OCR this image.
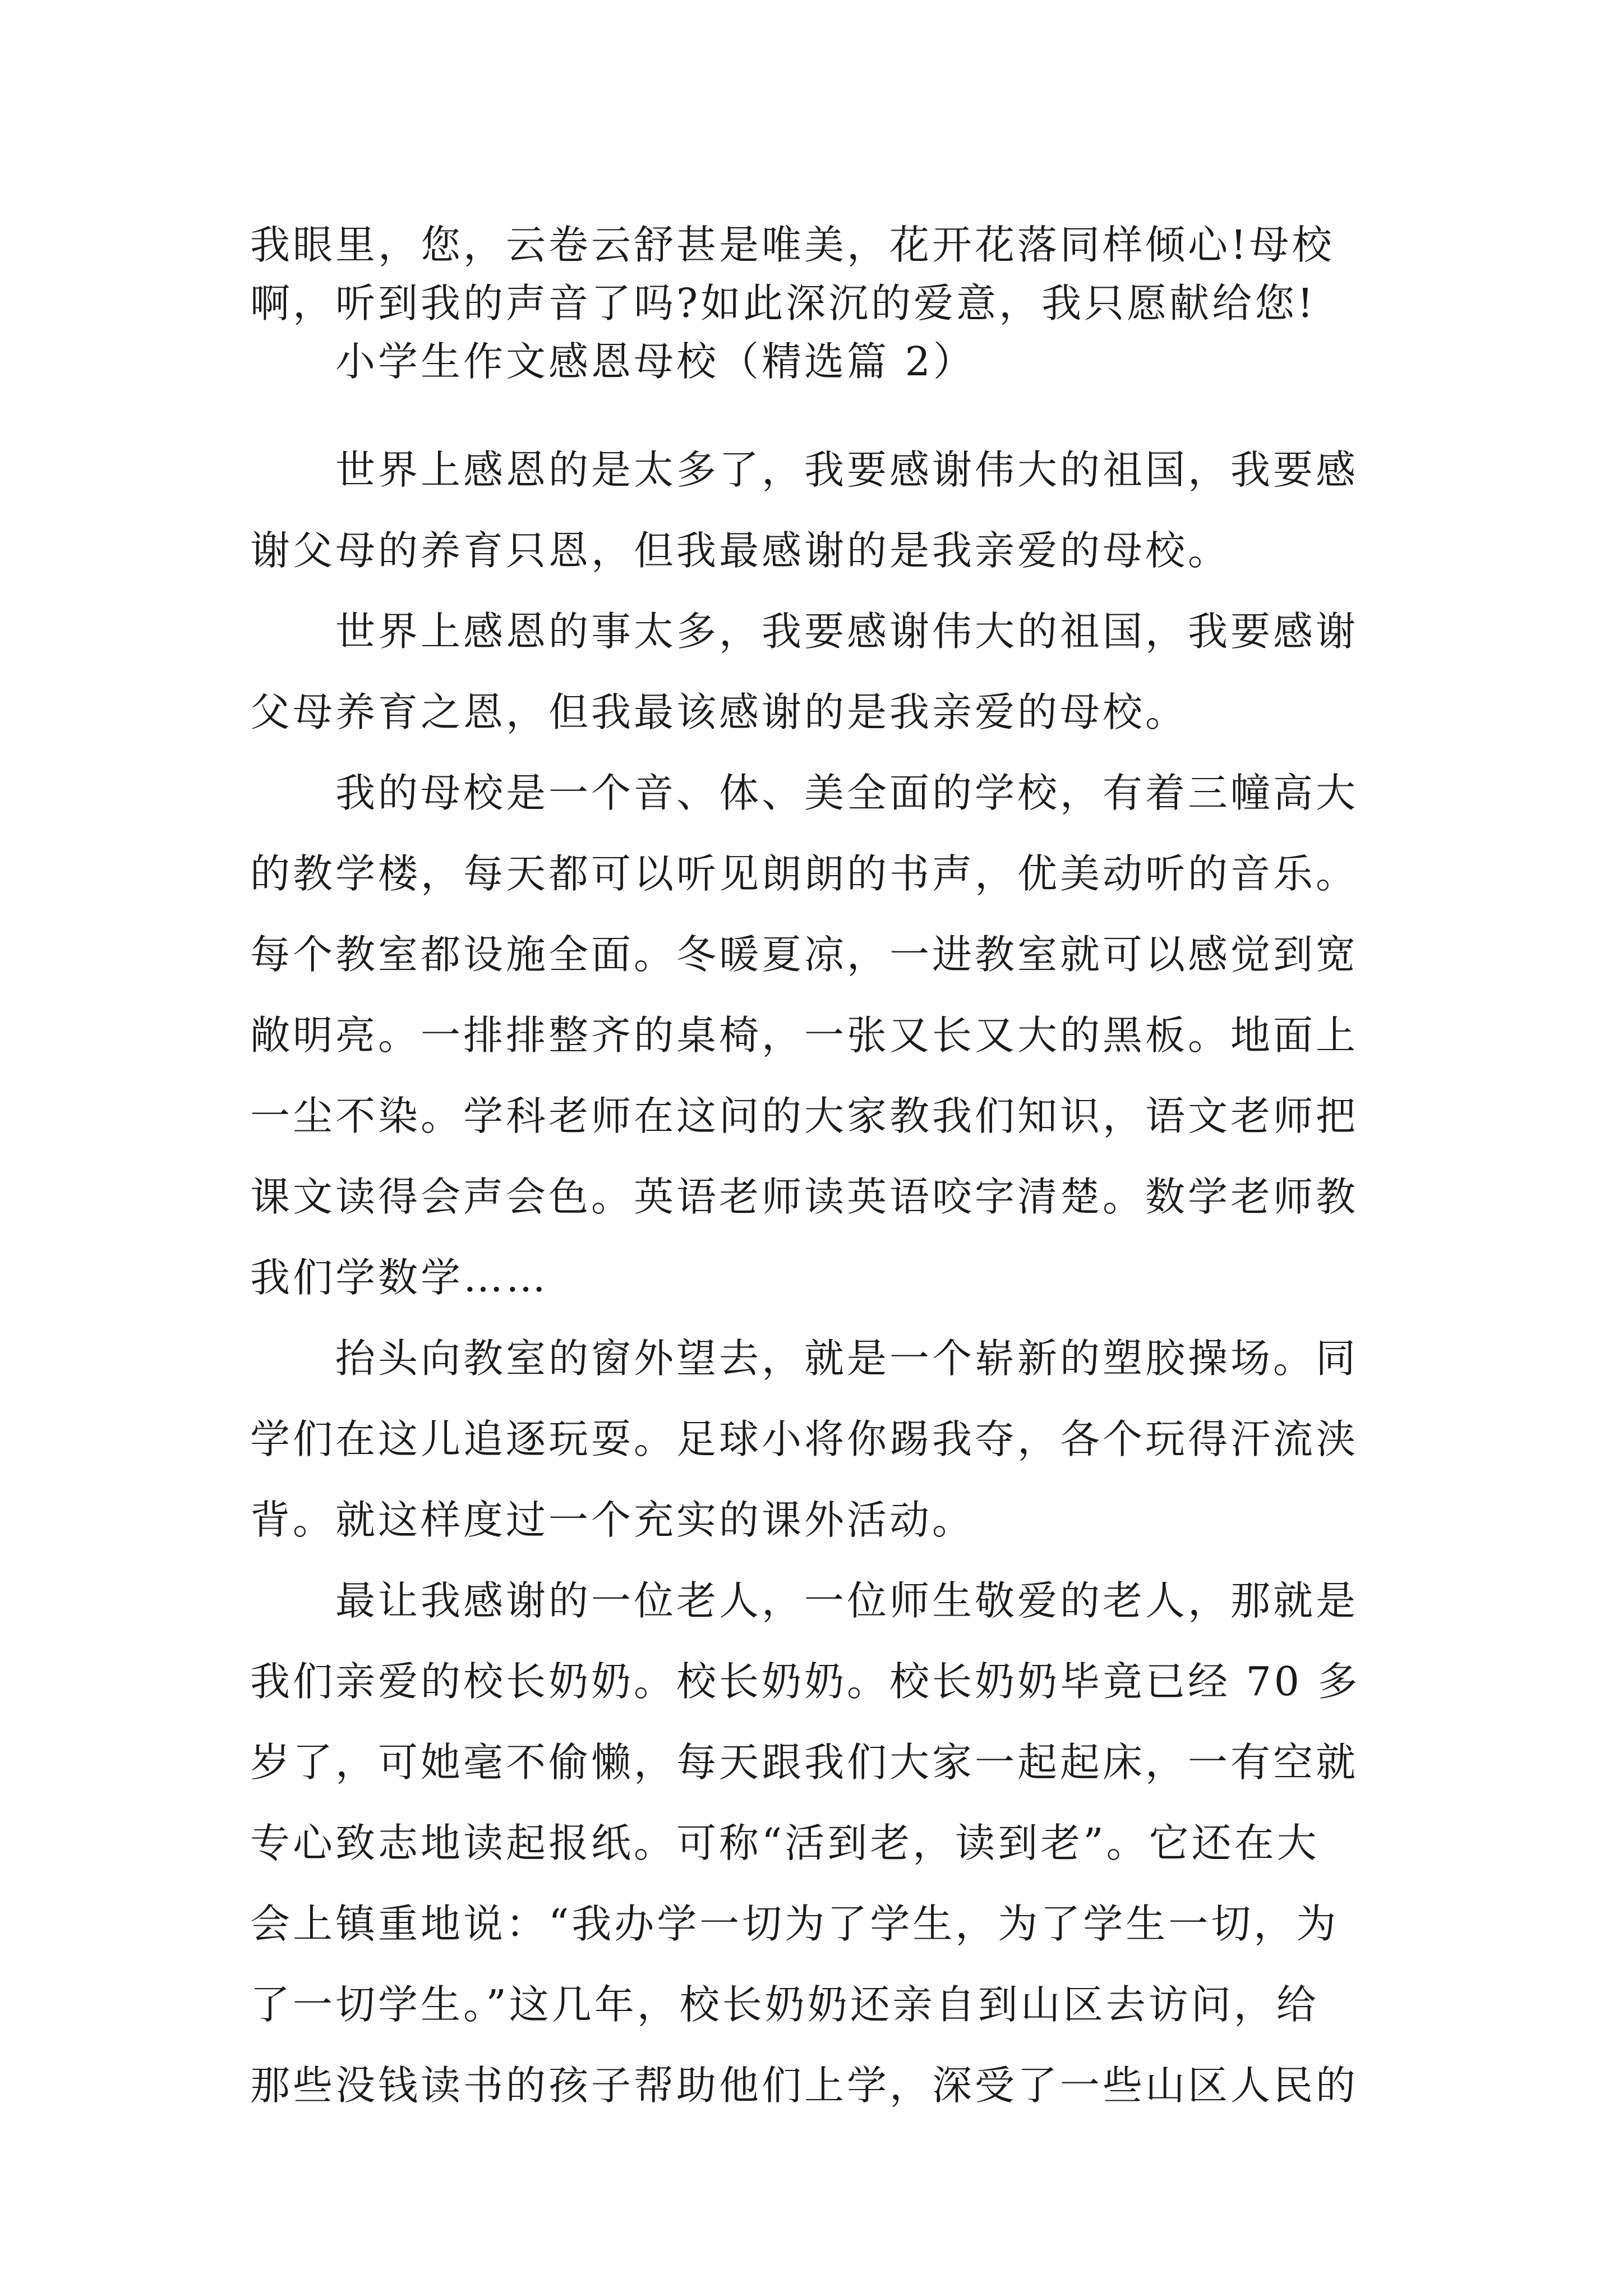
我眼里，您，云卷云舒甚是唯美，花开花落同样倾心!母校
啊，听到我的声音了吗?如此深沉的爱意，我只愿献给您!
小学生作文感恩母校（精选篇 2）
世界上感恩的是太多了，我要感谢伟大的祖国，我要感
谢父母的养育只恩，但我最感谢的是我亲爱的母校。
世界上感恩的事太多，我要感谢伟大的祖国，我要感谢
父母养育之恩，但我最该感谢的是我亲爱的母校。
我的母校是一个音、体、美全面的学校，有着三幢高大
的教学楼，每天都可以听见朗朗的书声，优美动听的音乐。
每个教室都设施全面。冬暖夏凉，一进教室就可以感觉到宽
敞明亮。一排排整齐的桌椅，一张又长又大的黑板。地面上
一尘不染。学科老师在这问的大家教我们知识，语文老师把
课文读得会声会色。英语老师读英语咬字清楚。数学老师教
我们学数学……
抬头向教室的窗外望去，就是一个崭新的塑胶操场。同
学们在这儿追逐玩耍。足球小将你踢我夺，各个玩得汗流浃
背。就这样度过一个充实的课外活动。
最让我感谢的一位老人，一位师生敬爱的老人，那就是
我们亲爱的校长奶奶。校长奶奶。校长奶奶毕竟已经 70 多
岁了，可她毫不偷懒，每天跟我们大家一起起床，一有空就
专心致志地读起报纸。可称“活到老，读到老”。它还在大
会上镇重地说：“我办学一切为了学生，为了学生一切，为
了一切学生。”这几年，校长奶奶还亲自到山区去访问，给
那些没钱读书的孩子帮助他们上学，深受了一些山区人民的
